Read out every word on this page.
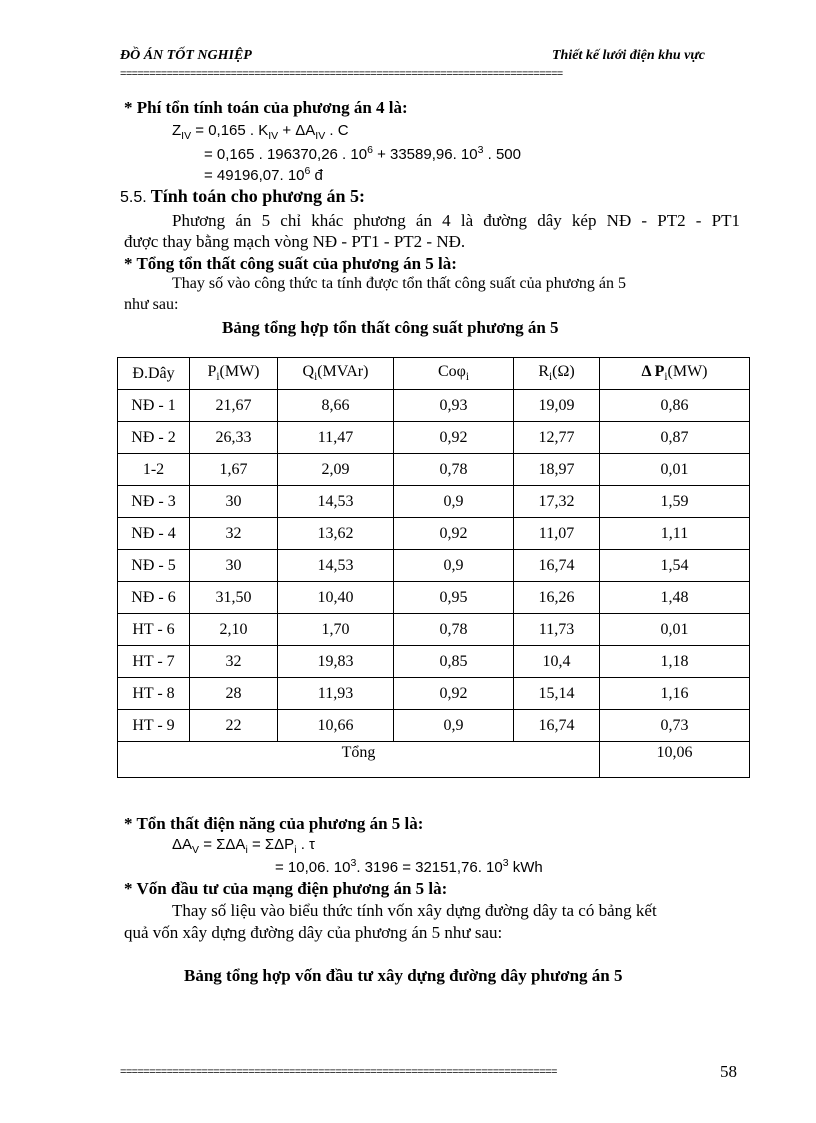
ĐỒ ÁN TỐT NGHIỆP	Thiết kế lưới điện khu vực
============================================================================
* Phí tổn tính toán của phương án 4 là:
$Z_{IV} = 0,165$ . $K_{IV} + \Delta A_{IV}$ . C
= 0,165 . 196370,26 . $10^6 + 33589,96$. $10^3$ . 500
= 49196,07. $10^6$ đ
5.5. Tính toán cho phương án 5:
Phương án 5 chỉ khác phương án 4 là đường dây kép NĐ - PT2 - PT1
được thay bằng mạch vòng NĐ - PT1 - PT2 - NĐ.
* Tổng tổn thất công suất của phương án 5 là:
Thay số vào công thức ta tính được tổn thất công suất của phương án 5
như sau:
Bảng tổng hợp tổn thất công suất phương án 5
Đ.Dây	$P_i(MW)$	$Q_i(MVAr)$	Coφ$_i$	$R_i(\Omega)$	Δ $P_i(MW)$
NĐ - 1	21,67	8,66	0,93	19,09	0,86
NĐ - 2	26,33	11,47	0,92	12,77	0,87
1-2	1,67	2,09	0,78	18,97	0,01
NĐ - 3	30	14,53	0,9	17,32	1,59
NĐ - 4	32	13,62	0,92	11,07	1,11
NĐ - 5	30	14,53	0,9	16,74	1,54
NĐ - 6	31,50	10,40	0,95	16,26	1,48
HT - 6	2,10	1,70	0,78	11,73	0,01
HT - 7	32	19,83	0,85	10,4	1,18
HT - 8	28	11,93	0,92	15,14	1,16
HT - 9	22	10,66	0,9	16,74	0,73
Tổng					10,06
* Tổn thất điện năng của phương án 5 là:
$\Delta A_V = \Sigma\Delta A_i = \Sigma\Delta P_i$ . τ
= 10,06. $10^3$. 3196 = 32151,76. $10^3$ kWh
* Vốn đầu tư của mạng điện phương án 5 là:
Thay số liệu vào biểu thức tính vốn xây dựng đường dây ta có bảng kết
quả vốn xây dựng đường dây của phương án 5 như sau:
Bảng tổng hợp vốn đầu tư xây dựng đường dây phương án 5
===========================================================================	58
